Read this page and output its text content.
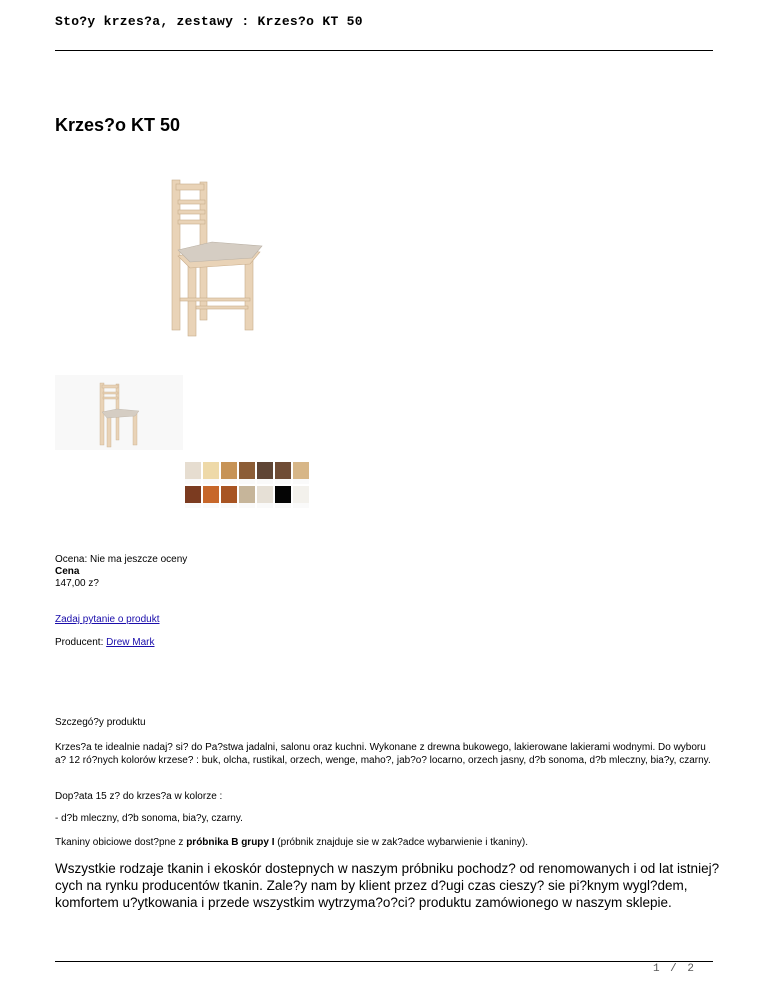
Sto?y krzes?a, zestawy : Krzes?o KT 50
Krzes?o KT 50
Ocena: Nie ma jeszcze oceny
Cena
147,00 z?
Zadaj pytanie o produkt
Producent: Drew Mark
Szczegó?y produktu
Krzes?a te idealnie nadaj? si? do Pa?stwa jadalni, salonu oraz kuchni. Wykonane z drewna bukowego, lakierowane lakierami wodnymi. Do wyboru a? 12 ró?nych kolorów krzese? : buk, olcha, rustikal, orzech, wenge, maho?, jab?o? locarno, orzech jasny, d?b sonoma, d?b mleczny, bia?y, czarny.
Dop?ata 15 z? do krzes?a w kolorze :
- d?b mleczny, d?b sonoma, bia?y, czarny.
Tkaniny obiciowe dost?pne z próbnika B grupy I (próbnik znajduje sie w zak?adce wybarwienie i tkaniny).
Wszystkie rodzaje tkanin i ekoskór dostepnych w naszym próbniku pochodz? od renomowanych i od lat istniej?cych na rynku producentów tkanin. Zale?y nam by klient przez d?ugi czas cieszy? sie pi?knym wygl?dem, komfortem u?ytkowania i przede wszystkim wytrzyma?o?ci? produktu zamówionego w naszym sklepie.
1 / 2
